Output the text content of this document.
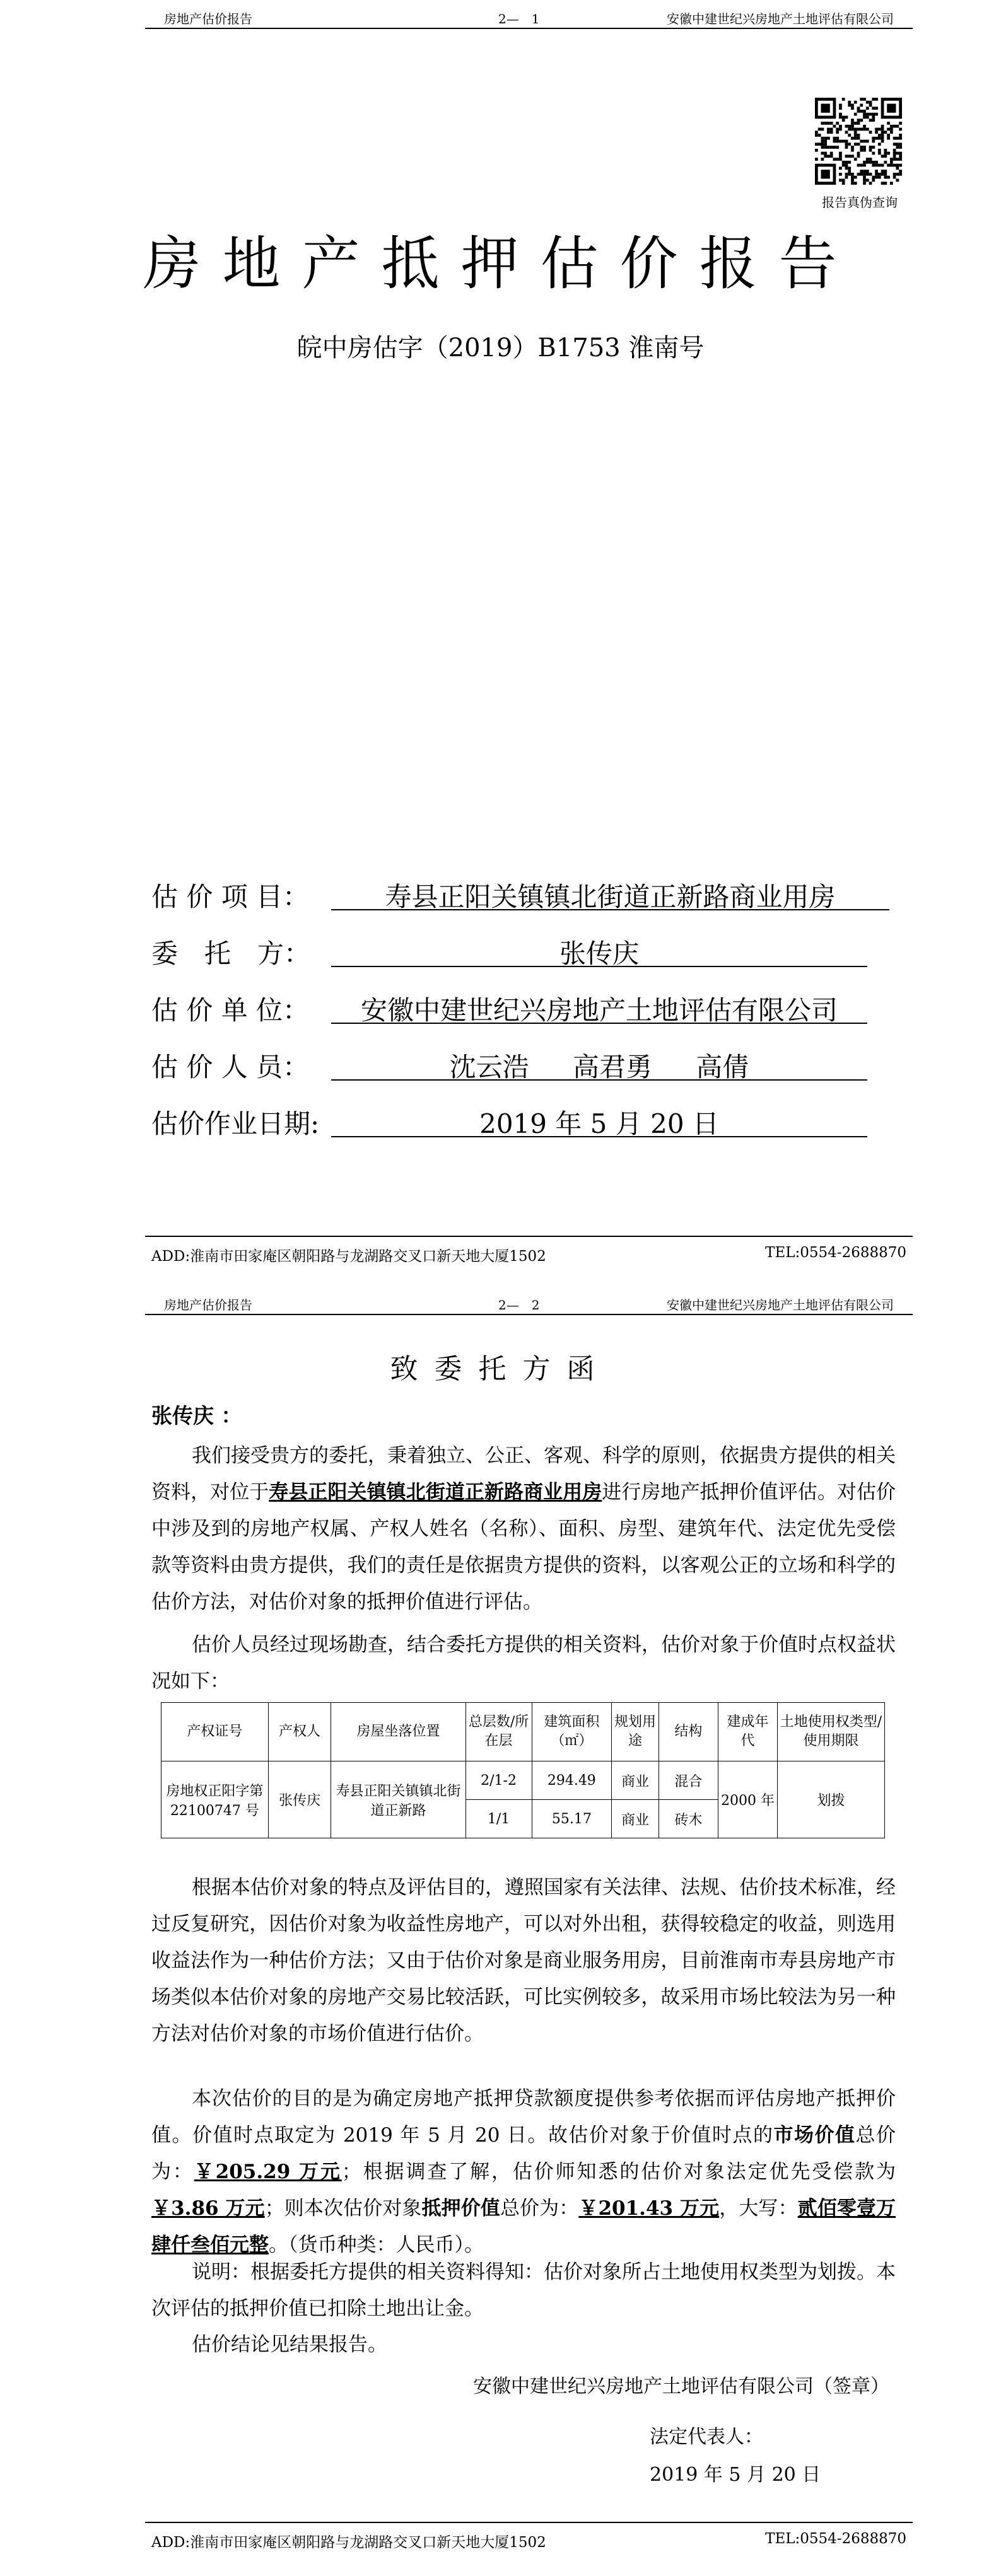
房地产估价报告	2—　1	安徽中建世纪兴房地产土地评估有限公司
报告真伪查询
房地产抵押估价报告
皖中房估字（2019）B1753 淮南号
估 价 项 目：	寿县正阳关镇镇北街道正新路商业用房
委　托　方：	张传庆
估 价 单 位：	安徽中建世纪兴房地产土地评估有限公司
估 价 人 员：	沈云浩 高君勇 高倩
估价作业日期:	2019 年 5 月 20 日
ADD:淮南市田家庵区朝阳路与龙湖路交叉口新天地大厦1502	TEL:0554-2688870
房地产估价报告	2—　2	安徽中建世纪兴房地产土地评估有限公司
致委托方函
张传庆 ：

我们接受贵方的委托，秉着独立、公正、客观、科学的原则，依据贵方提供的相关资料，对位于寿县正阳关镇镇北街道正新路商业用房进行房地产抵押价值评估。对估价中涉及到的房地产权属、产权人姓名（名称）、面积、房型、建筑年代、法定优先受偿款等资料由贵方提供，我们的责任是依据贵方提供的资料，以客观公正的立场和科学的估价方法，对估价对象的抵押价值进行评估。

估价人员经过现场勘查，结合委托方提供的相关资料，估价对象于价值时点权益状况如下：

产权证号	产权人	房屋坐落位置	总层数/所在层	建筑面积（㎡）	规划用途	结构	建成年代	土地使用权类型/使用期限
房地权正阳字第 22100747 号	张传庆	寿县正阳关镇镇北街道正新路	2/1-2	294.49	商业	混合	2000 年	划拨
			1/1	55.17	商业	砖木		

根据本估价对象的特点及评估目的，遵照国家有关法律、法规、估价技术标准，经过反复研究，因估价对象为收益性房地产，可以对外出租，获得较稳定的收益，则选用收益法作为一种估价方法；又由于估价对象是商业服务用房，目前淮南市寿县房地产市场类似本估价对象的房地产交易比较活跃，可比实例较多，故采用市场比较法为另一种方法对估价对象的市场价值进行估价。

本次估价的目的是为确定房地产抵押贷款额度提供参考依据而评估房地产抵押价值。价值时点取定为 2019 年 5 月 20 日。故估价对象于价值时点的市场价值总价为：￥205.29 万元；根据调查了解，估价师知悉的估价对象法定优先受偿款为￥3.86 万元；则本次估价对象抵押价值总价为：￥201.43 万元，大写：贰佰零壹万肆仟叁佰元整。（货币种类：人民币）。

说明：根据委托方提供的相关资料得知：估价对象所占土地使用权类型为划拨。本次评估的抵押价值已扣除土地出让金。

估价结论见结果报告。

安徽中建世纪兴房地产土地评估有限公司（签章）
法定代表人：
2019 年 5 月 20 日
ADD:淮南市田家庵区朝阳路与龙湖路交叉口新天地大厦1502	TEL:0554-2688870
